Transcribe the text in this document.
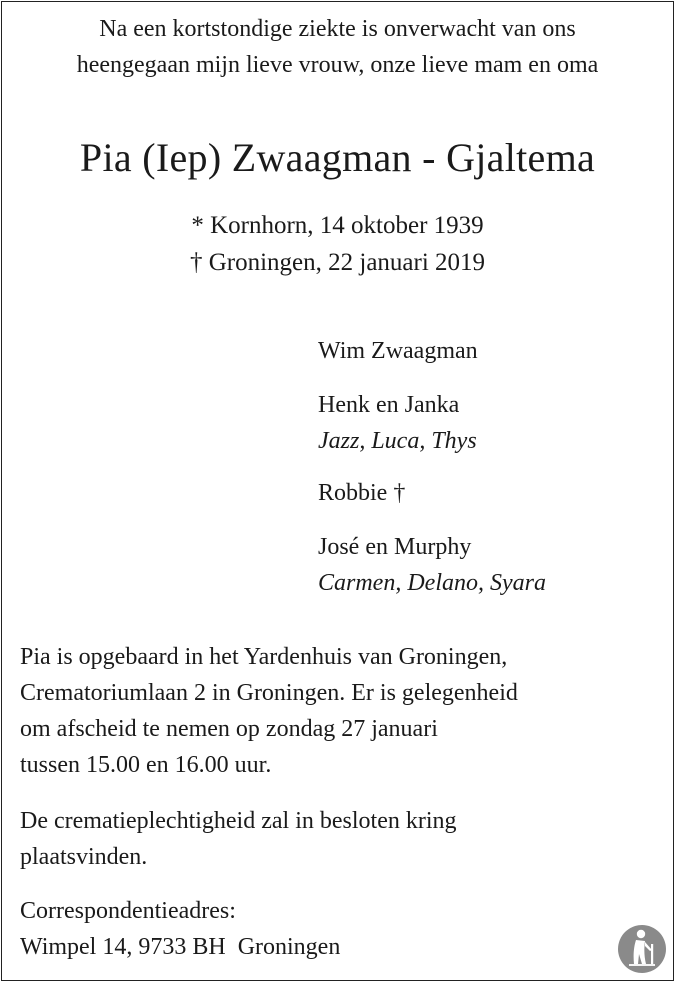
Na een kortstondige ziekte is onverwacht van ons
heengegaan mijn lieve vrouw, onze lieve mam en oma
Pia (Iep) Zwaagman - Gjaltema
* Kornhorn, 14 oktober 1939
† Groningen, 22 januari 2019
Wim Zwaagman
Henk en Janka
Jazz, Luca, Thys
Robbie †
José en Murphy
Carmen, Delano, Syara
Pia is opgebaard in het Yardenhuis van Groningen,
Crematoriumlaan 2 in Groningen. Er is gelegenheid
om afscheid te nemen op zondag 27 januari
tussen 15.00 en 16.00 uur.
De crematieplechtigheid zal in besloten kring
plaatsvinden.
Correspondentieadres:
Wimpel 14, 9733 BH  Groningen
